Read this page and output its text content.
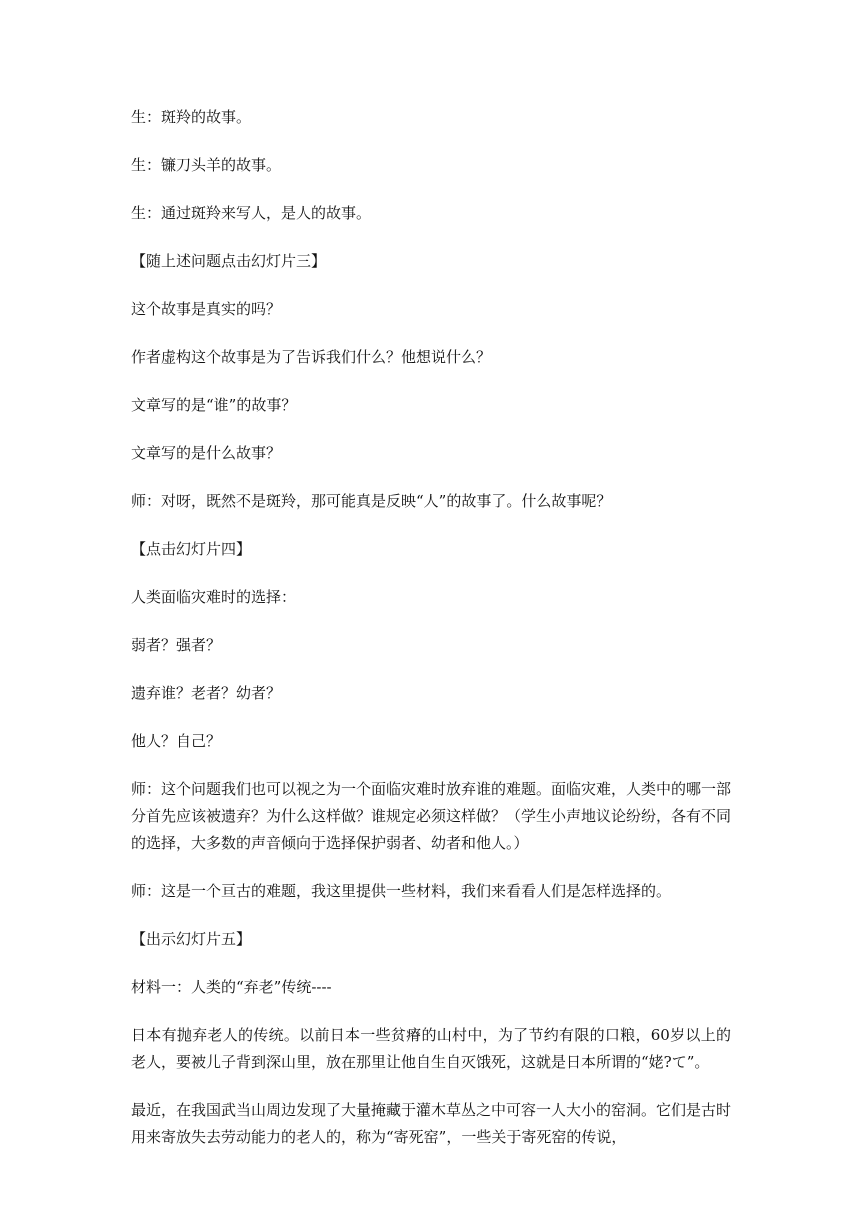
生：斑羚的故事。

生：镰刀头羊的故事。

生：通过斑羚来写人，是人的故事。

【随上述问题点击幻灯片三】

这个故事是真实的吗？

作者虚构这个故事是为了告诉我们什么？他想说什么？

文章写的是“谁”的故事？

文章写的是什么故事？

师：对呀，既然不是斑羚，那可能真是反映“人”的故事了。什么故事呢？

【点击幻灯片四】

人类面临灾难时的选择：

弱者？强者？

遗弃谁？老者？幼者？

他人？自己？

师：这个问题我们也可以视之为一个面临灾难时放弃谁的难题。面临灾难，人类中的哪一部分首先应该被遗弃？为什么这样做？谁规定必须这样做？（学生小声地议论纷纷，各有不同的选择，大多数的声音倾向于选择保护弱者、幼者和他人。）

师：这是一个亘古的难题，我这里提供一些材料，我们来看看人们是怎样选择的。

【出示幻灯片五】

材料一：人类的“弃老”传统----

日本有抛弃老人的传统。以前日本一些贫瘠的山村中，为了节约有限的口粮，60岁以上的老人，要被儿子背到深山里，放在那里让他自生自灭饿死，这就是日本所谓的“姥?て”。

最近，在我国武当山周边发现了大量掩藏于灌木草丛之中可容一人大小的窑洞。它们是古时用来寄放失去劳动能力的老人的，称为“寄死窑”，一些关于寄死窑的传说，
